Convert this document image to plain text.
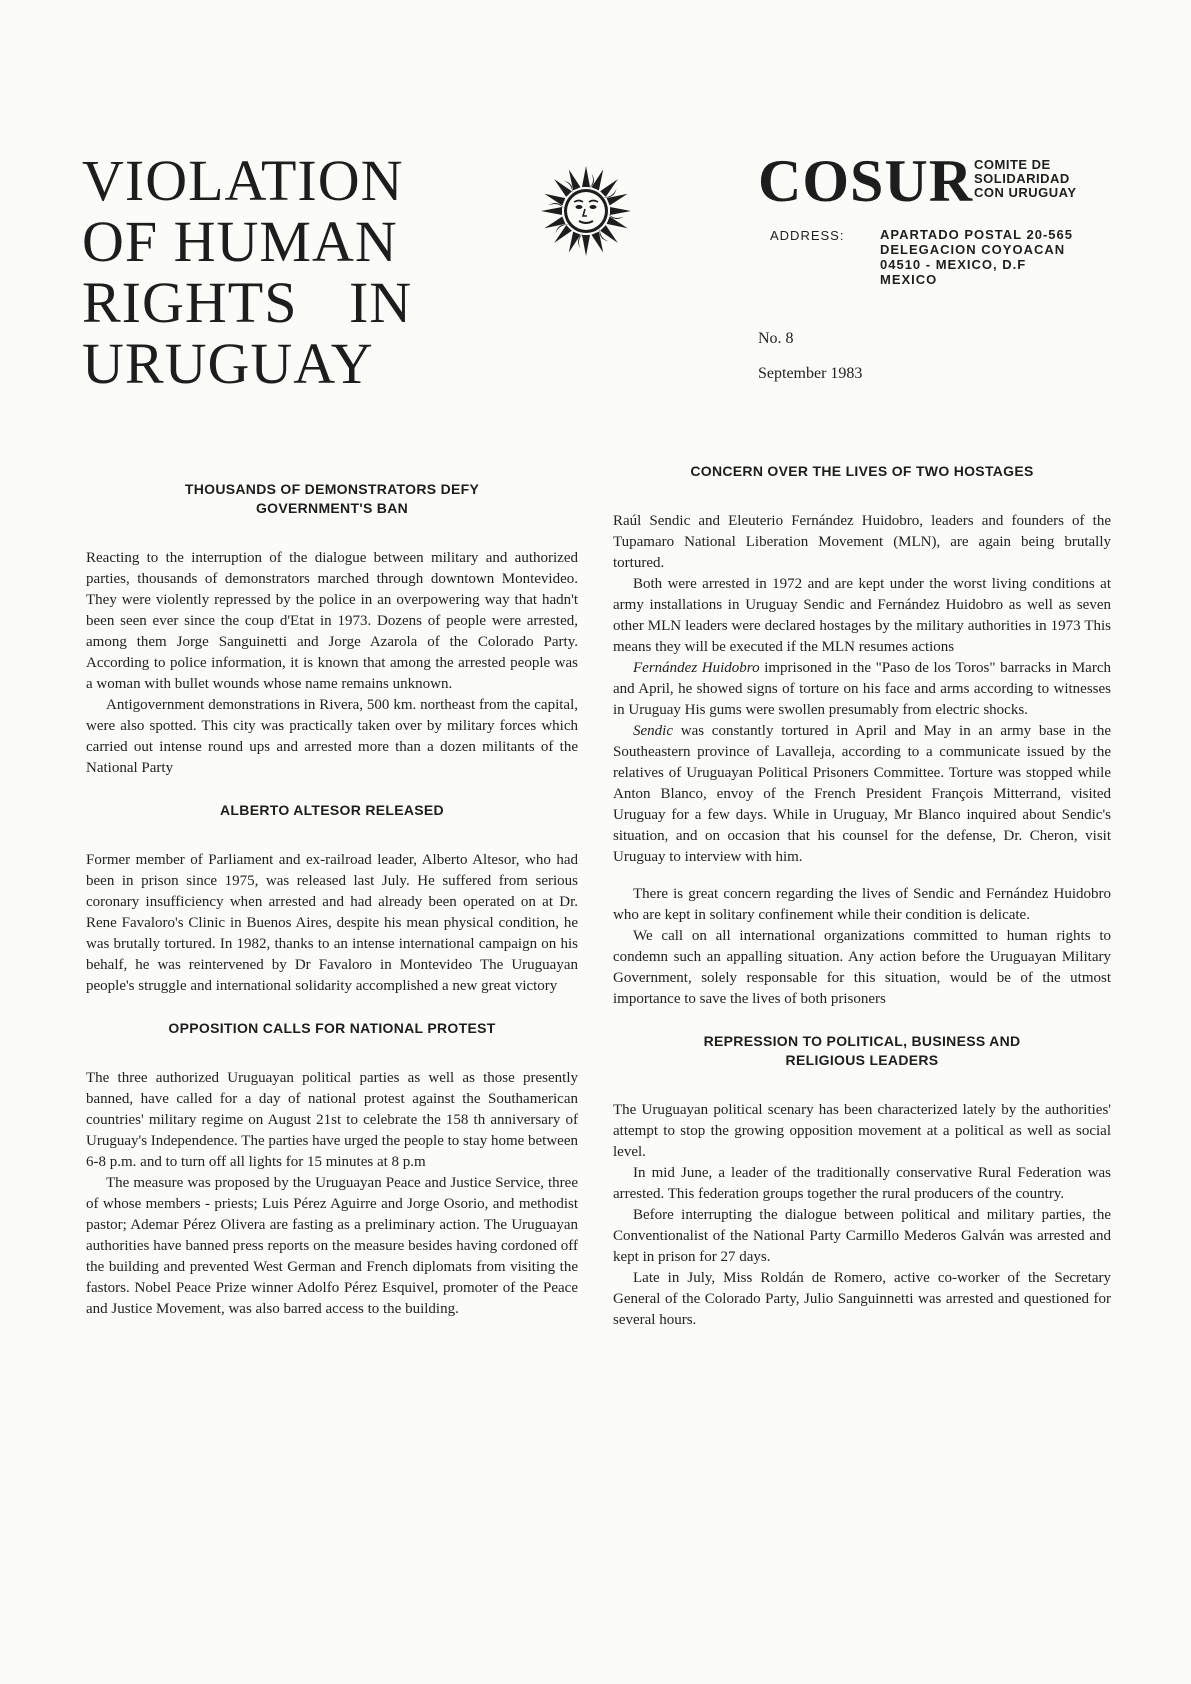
VIOLATION
OF HUMAN
RIGHTS IN
URUGUAY
COSUR COMITE DE
SOLIDARIDAD
CON URUGUAY
ADDRESS:	APARTADO POSTAL 20-565
DELEGACION COYOACAN
04510 - MEXICO, D.F
MEXICO
No. 8
September 1983
THOUSANDS OF DEMONSTRATORS DEFY
GOVERNMENT'S BAN

Reacting to the interruption of the dialogue between military and authorized parties, thousands of demonstrators marched through downtown Montevideo. They were violently repressed by the police in an overpowering way that hadn't been seen ever since the coup d'Etat in 1973. Dozens of people were arrested, among them Jorge Sanguinetti and Jorge Azarola of the Colorado Party. According to police information, it is known that among the arrested people was a woman with bullet wounds whose name remains unknown.

Antigovernment demonstrations in Rivera, 500 km. northeast from the capital, were also spotted. This city was practically taken over by military forces which carried out intense round ups and arrested more than a dozen militants of the National Party

ALBERTO ALTESOR RELEASED

Former member of Parliament and ex-railroad leader, Alberto Altesor, who had been in prison since 1975, was released last July. He suffered from serious coronary insufficiency when arrested and had already been operated on at Dr. Rene Favaloro's Clinic in Buenos Aires, despite his mean physical condition, he was brutally tortured. In 1982, thanks to an intense international campaign on his behalf, he was reintervened by Dr Favaloro in Montevideo The Uruguayan people's struggle and international solidarity accomplished a new great victory

OPPOSITION CALLS FOR NATIONAL PROTEST

The three authorized Uruguayan political parties as well as those presently banned, have called for a day of national protest against the Southamerican countries' military regime on August 21st to celebrate the 158 th anniversary of Uruguay's Independence. The parties have urged the people to stay home between 6-8 p.m. and to turn off all lights for 15 minutes at 8 p.m

The measure was proposed by the Uruguayan Peace and Justice Service, three of whose members - priests; Luis Pérez Aguirre and Jorge Osorio, and methodist pastor; Ademar Pérez Olivera are fasting as a preliminary action. The Uruguayan authorities have banned press reports on the measure besides having cordoned off the building and prevented West German and French diplomats from visiting the fastors. Nobel Peace Prize winner Adolfo Pérez Esquivel, promoter of the Peace and Justice Movement, was also barred access to the building.

CONCERN OVER THE LIVES OF TWO HOSTAGES

Raúl Sendic and Eleuterio Fernández Huidobro, leaders and founders of the Tupamaro National Liberation Movement (MLN), are again being brutally tortured.

Both were arrested in 1972 and are kept under the worst living conditions at army installations in Uruguay Sendic and Fernández Huidobro as well as seven other MLN leaders were declared hostages by the military authorities in 1973 This means they will be executed if the MLN resumes actions

Fernández Huidobro imprisoned in the "Paso de los Toros" barracks in March and April, he showed signs of torture on his face and arms according to witnesses in Uruguay His gums were swollen presumably from electric shocks.

Sendic was constantly tortured in April and May in an army base in the Southeastern province of Lavalleja, according to a communicate issued by the relatives of Uruguayan Political Prisoners Committee. Torture was stopped while Anton Blanco, envoy of the French President François Mitterrand, visited Uruguay for a few days. While in Uruguay, Mr Blanco inquired about Sendic's situation, and on occasion that his counsel for the defense, Dr. Cheron, visit Uruguay to interview with him.

There is great concern regarding the lives of Sendic and Fernández Huidobro who are kept in solitary confinement while their condition is delicate.

We call on all international organizations committed to human rights to condemn such an appalling situation. Any action before the Uruguayan Military Government, solely responsable for this situation, would be of the utmost importance to save the lives of both prisoners

REPRESSION TO POLITICAL, BUSINESS AND
RELIGIOUS LEADERS

The Uruguayan political scenary has been characterized lately by the authorities' attempt to stop the growing opposition movement at a political as well as social level.

In mid June, a leader of the traditionally conservative Rural Federation was arrested. This federation groups together the rural producers of the country.

Before interrupting the dialogue between political and military parties, the Conventionalist of the National Party Carmillo Mederos Galván was arrested and kept in prison for 27 days.

Late in July, Miss Roldán de Romero, active co-worker of the Secretary General of the Colorado Party, Julio Sanguinnetti was arrested and questioned for several hours.
